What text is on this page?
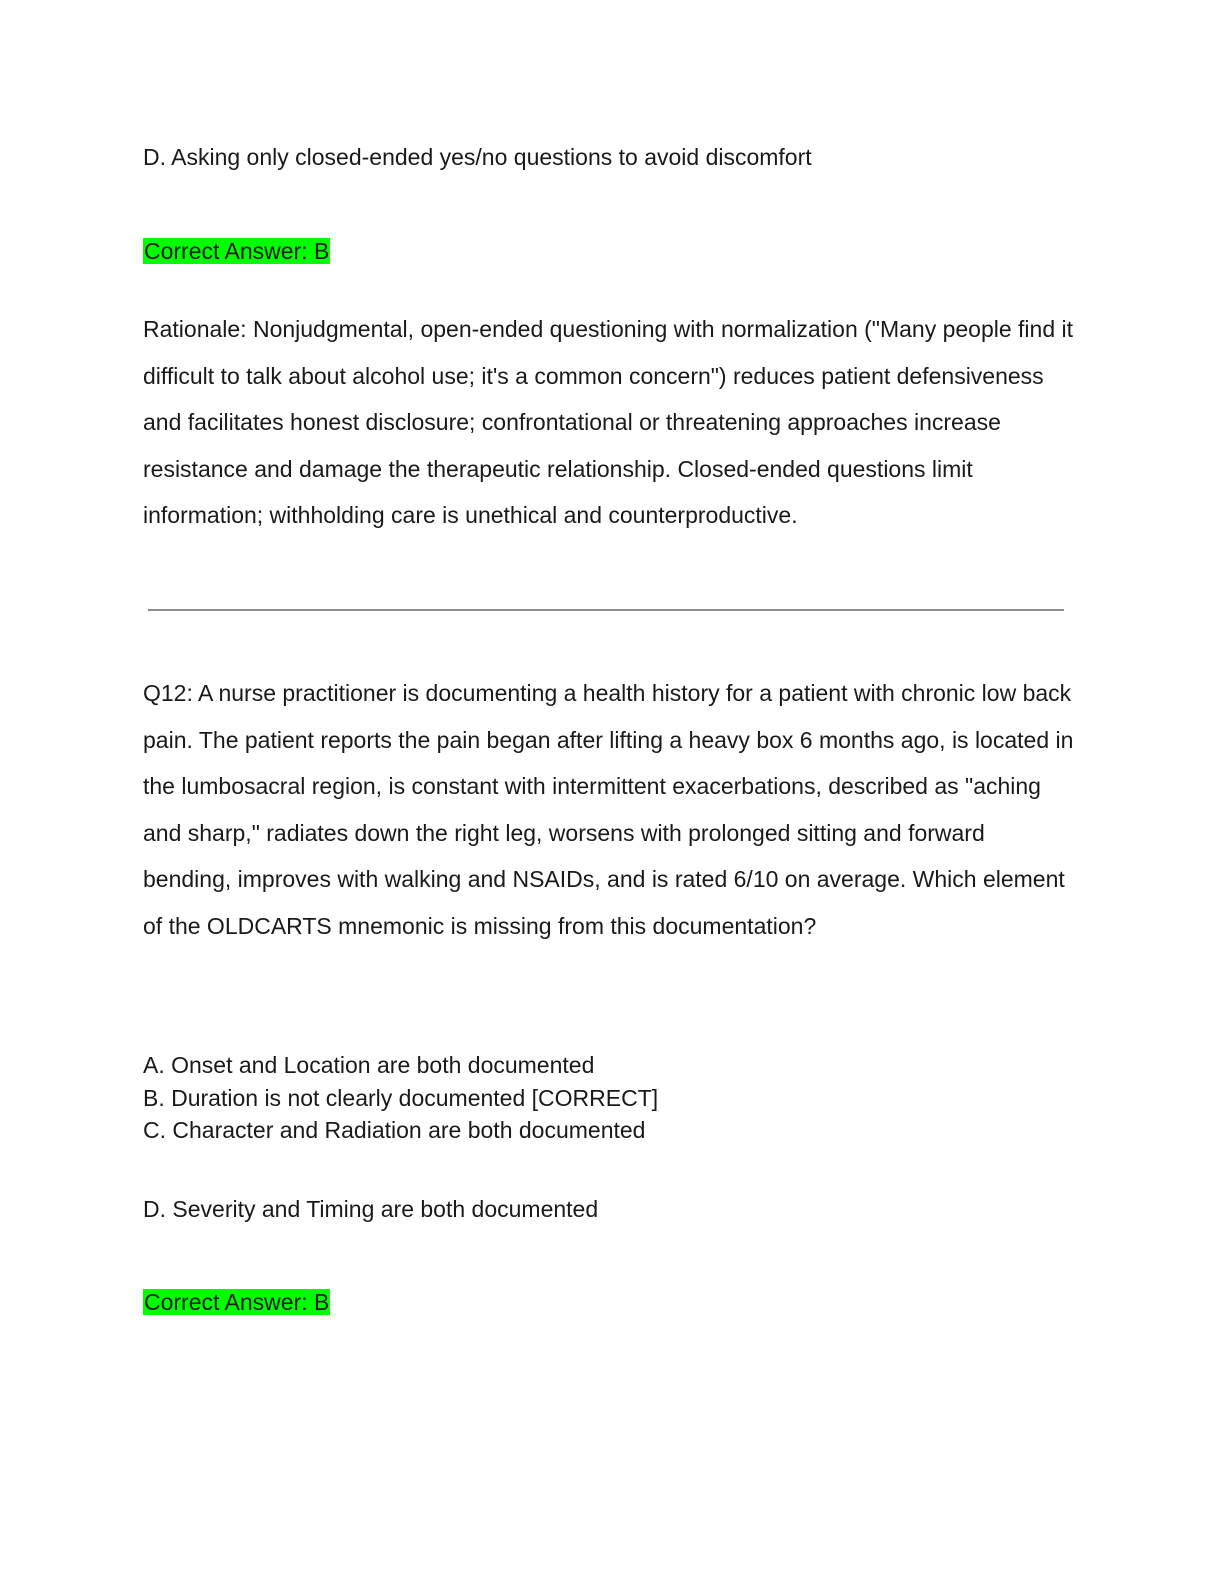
D. Asking only closed-ended yes/no questions to avoid discomfort
Correct Answer: B
Rationale: Nonjudgmental, open-ended questioning with normalization ("Many people find it difficult to talk about alcohol use; it's a common concern") reduces patient defensiveness and facilitates honest disclosure; confrontational or threatening approaches increase resistance and damage the therapeutic relationship. Closed-ended questions limit information; withholding care is unethical and counterproductive.
Q12: A nurse practitioner is documenting a health history for a patient with chronic low back pain. The patient reports the pain began after lifting a heavy box 6 months ago, is located in the lumbosacral region, is constant with intermittent exacerbations, described as "aching and sharp," radiates down the right leg, worsens with prolonged sitting and forward bending, improves with walking and NSAIDs, and is rated 6/10 on average. Which element of the OLDCARTS mnemonic is missing from this documentation?
A. Onset and Location are both documented
B. Duration is not clearly documented [CORRECT]
C. Character and Radiation are both documented
D. Severity and Timing are both documented
Correct Answer: B
